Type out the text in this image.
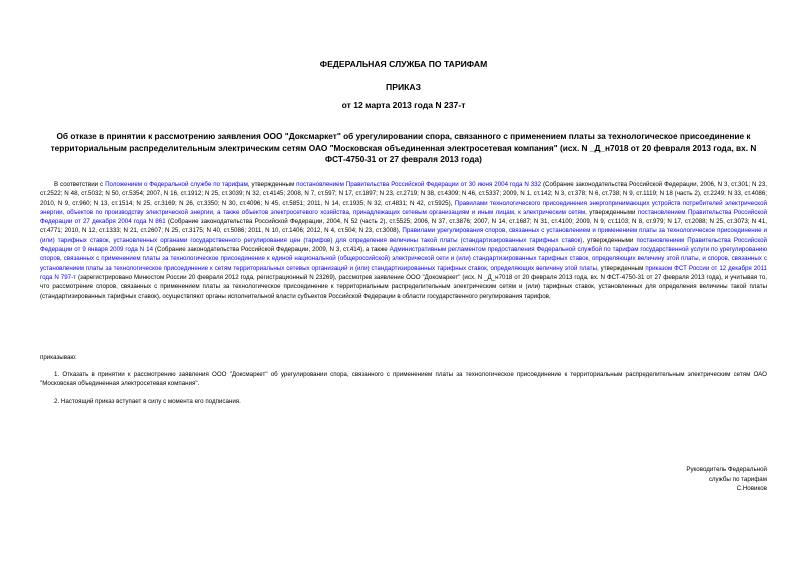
ФЕДЕРАЛЬНАЯ СЛУЖБА ПО ТАРИФАМ

ПРИКАЗ

от 12 марта 2013 года N 237-т

Об отказе в принятии к рассмотрению заявления ООО "Доксмаркет" об урегулировании спора, связанного с применением платы за технологическое присоединение к территориальным распределительным электрическим сетям ОАО "Московская объединенная электросетевая компания" (исх. N _Д_н7018 от 20 февраля 2013 года, вх. N ФСТ-4750-31 от 27 февраля 2013 года)

В соответствии с Положением о Федеральной службе по тарифам, утвержденным постановлением Правительства Российской Федерации от 30 июня 2004 года N 332 (Собрание законодательства Российской Федерации, 2006, N 3, ст.301; N 23, ст.2522; N 48, ст.5032; N 50, ст.5354; 2007, N 16, ст.1912; N 25, ст.3039; N 32, ст.4145; 2008, N 7, ст.597; N 17, ст.1897; N 23, ст.2719; N 38, ст.4309; N 46, ст.5337; 2009, N 1, ст.142; N 3, ст.378; N 6, ст.738; N 9, ст.1119; N 18 (часть 2), ст.2249; N 33, ст.4086; 2010, N 9, ст.960; N 13, ст.1514; N 25, ст.3169; N 26, ст.3350; N 30, ст.4096; N 45, ст.5851; 2011, N 14, ст.1935; N 32, ст.4831; N 42, ст.5925), Правилами технологического присоединения энергопринимающих устройств потребителей электрической энергии, объектов по производству электрической энергии, а также объектов электросетевого хозяйства, принадлежащих сетевым организациям и иным лицам, к электрическим сетям, утвержденными постановлением Правительства Российской Федерации от 27 декабря 2004 года N 861 (Собрание законодательства Российской Федерации, 2004, N 52 (часть 2), ст.5525; 2006, N 37, ст.3876; 2007, N 14, ст.1687; N 31, ст.4100; 2009, N 9, ст.1103; N 8, ст.979; N 17, ст.2088; N 25, ст.3073; N 41, ст.4771; 2010, N 12, ст.1333; N 21, ст.2607; N 25, ст.3175; N 40, ст.5086; 2011, N 10, ст.1406; 2012, N 4, ст.504; N 23, ст.3008), Правилами урегулирования споров, связанных с установлением и применением платы за технологическое присоединение и (или) тарифных ставок, установленных органами государственного регулирования цен (тарифов) для определения величины такой платы (стандартизированных тарифных ставок), утвержденными постановлением Правительства Российской Федерации от 9 января 2009 года N 14 (Собрание законодательства Российской Федерации, 2009, N 3, ст.414), а также Административным регламентом предоставления Федеральной службой по тарифам государственной услуги по урегулированию споров, связанных с применением платы за технологическое присоединение к единой национальной (общероссийской) электрической сети и (или) стандартизированных тарифных ставок, определяющих величину этой платы, и споров, связанных с установлением платы за технологическое присоединение к сетям территориальных сетевых организаций и (или) стандартизированных тарифных ставок, определяющих величину этой платы, утвержденным приказом ФСТ России от 12 декабря 2011 года N 797-т (зарегистрировано Минюстом России 20 февраля 2012 года, регистрационный N 23269), рассмотрев заявление ООО "Доксмаркет" (исх. N _Д_н7018 от 20 февраля 2013 года, вх. N ФСТ-4750-31 от 27 февраля 2013 года), и учитывая то, что рассмотрение споров, связанных с применением платы за технологическое присоединение к территориальным распределительным электрическим сетям и (или) тарифных ставок, установленных для определения величины такой платы (стандартизированных тарифных ставок), осуществляют органы исполнительной власти субъектов Российской Федерации в области государственного регулирования тарифов,

приказываю:

1. Отказать в принятии к рассмотрению заявления ООО "Доксмаркет" об урегулировании спора, связанного с применением платы за технологическое присоединение к территориальным распределительным электрическим сетям ОАО "Московская объединенная электросетевая компания".

2. Настоящий приказ вступает в силу с момента его подписания.

Руководитель Федеральной
службы по тарифам
С.Новиков
